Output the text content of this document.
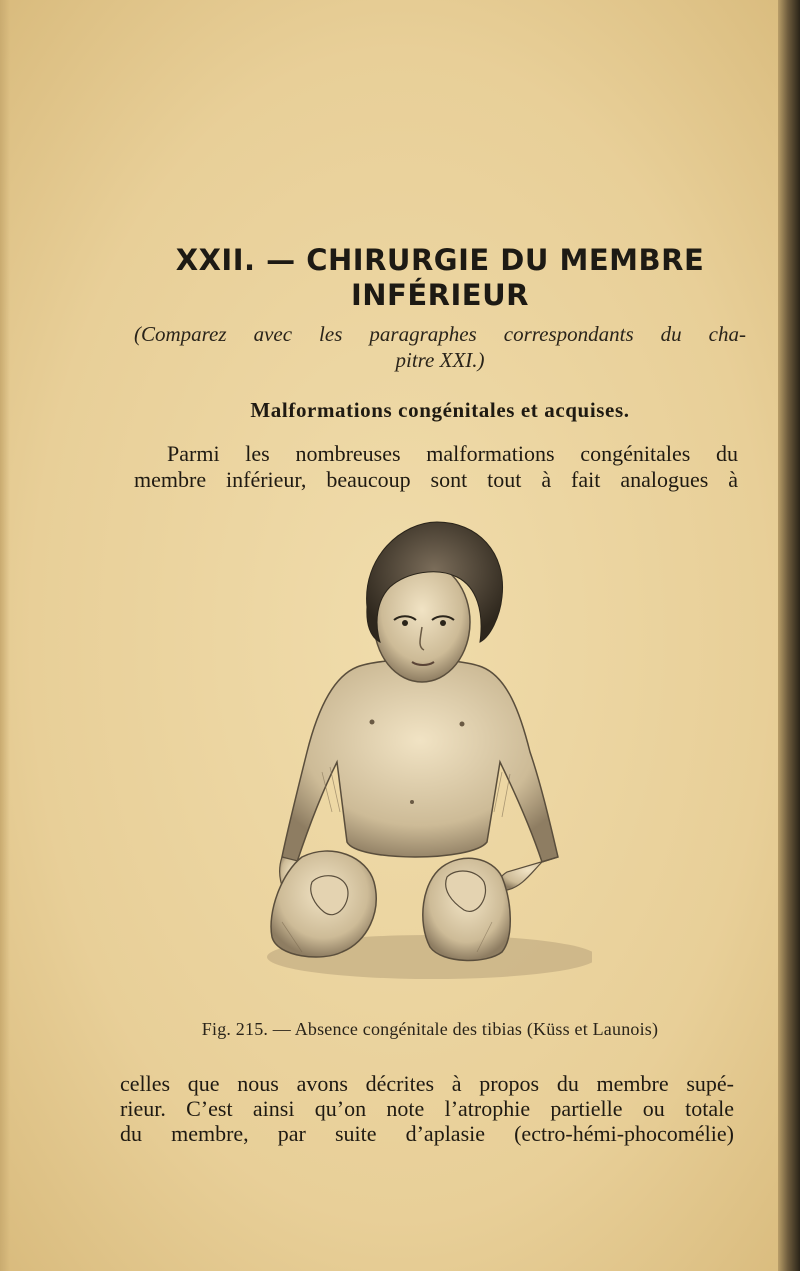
XXII. — CHIRURGIE DU MEMBRE
INFÉRIEUR
(Comparez avec les paragraphes correspondants du cha-
pitre XXI.)
Malformations congénitales et acquises.
Parmi les nombreuses malformations congénitales du
membre inférieur, beaucoup sont tout à fait analogues à
Fig. 215. — Absence congénitale des tibias (Küss et Launois)
celles que nous avons décrites à propos du membre supé-
rieur. C’est ainsi qu’on note l’atrophie partielle ou totale
du membre, par suite d’aplasie (ectro-hémi-phocomélie)
